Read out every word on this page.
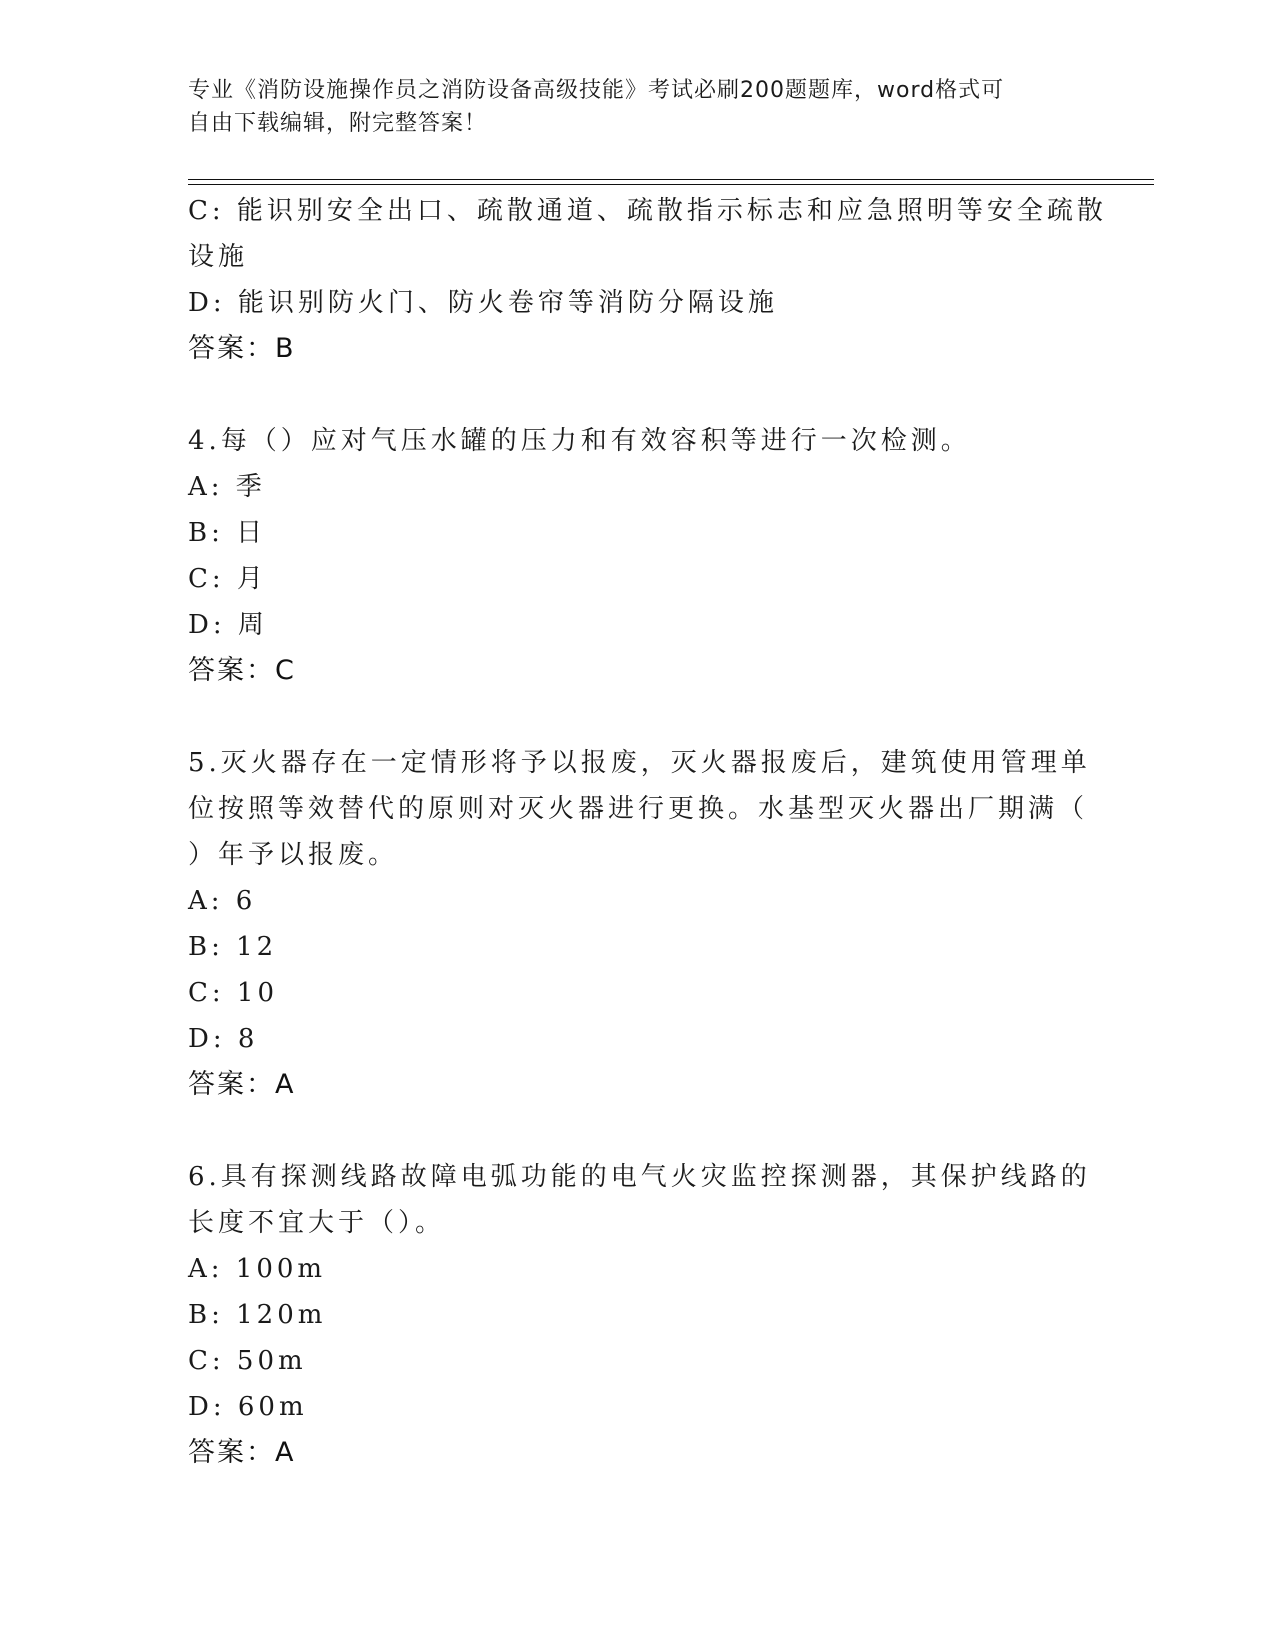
专业《消防设施操作员之消防设备高级技能》考试必刷200题题库，word格式可
自由下载编辑，附完整答案！
C: 能识别安全出口、疏散通道、疏散指示标志和应急照明等安全疏散
设施
D: 能识别防火门、防火卷帘等消防分隔设施
答案：B
4.每（）应对气压水罐的压力和有效容积等进行一次检测。
A: 季
B: 日
C: 月
D: 周
答案：C
5.灭火器存在一定情形将予以报废，灭火器报废后，建筑使用管理单
位按照等效替代的原则对灭火器进行更换。水基型灭火器出厂期满（
）年予以报废。
A: 6
B: 12
C: 10
D: 8
答案：A
6.具有探测线路故障电弧功能的电气火灾监控探测器，其保护线路的
长度不宜大于（）。
A: 100m
B: 120m
C: 50m
D: 60m
答案：A
